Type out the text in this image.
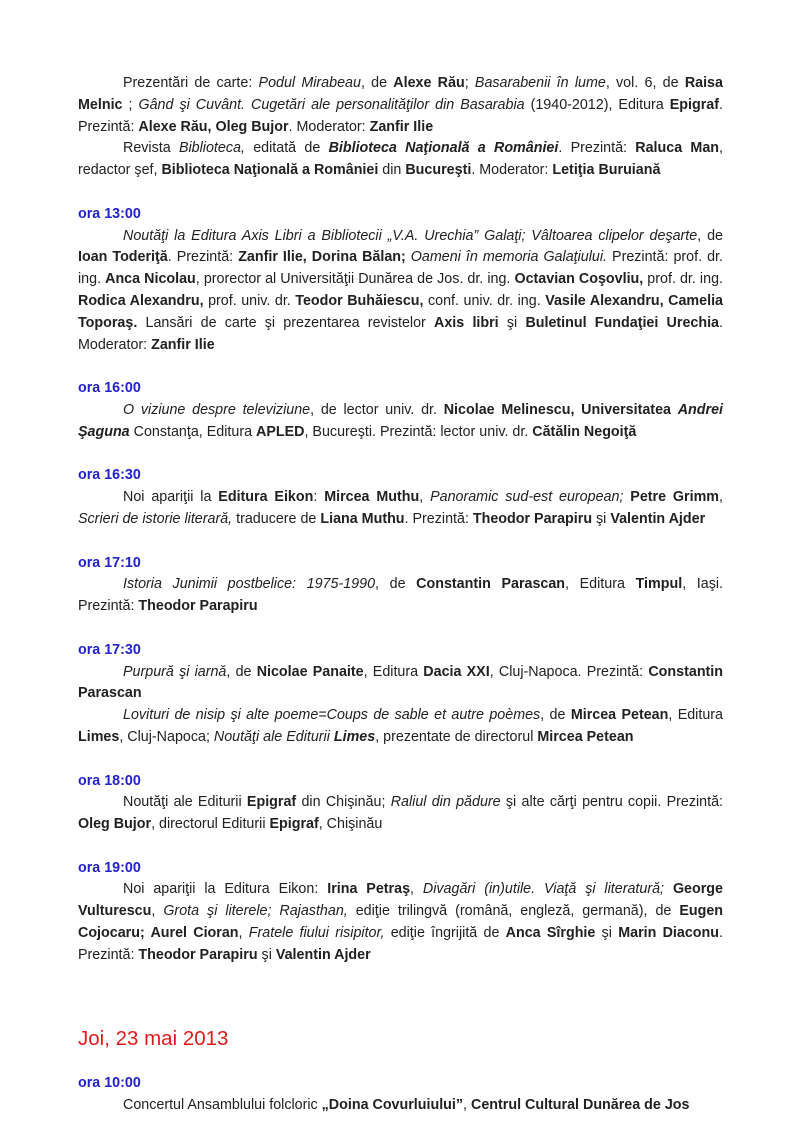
Prezentări de carte: Podul Mirabeau, de Alexe Rău; Basarabenii în lume, vol. 6, de Raisa Melnic ; Gând şi Cuvânt. Cugetări ale personalităţilor din Basarabia (1940-2012), Editura Epigraf. Prezintă: Alexe Rău, Oleg Bujor. Moderator: Zanfir Ilie

Revista Biblioteca, editată de Biblioteca Naţională a României. Prezintă: Raluca Man, redactor şef, Biblioteca Naţională a României din Bucureşti. Moderator: Letiţia Buruiană

ora 13:00

Noutăţi la Editura Axis Libri a Bibliotecii „V.A. Urechia” Galaţi; Vâltoarea clipelor deşarte, de Ioan Toderiţă. Prezintă: Zanfir Ilie, Dorina Bălan; Oameni în memoria Galaţiului. Prezintă: prof. dr. ing. Anca Nicolau, prorector al Universităţii Dunărea de Jos. dr. ing. Octavian Coşovliu, prof. dr. ing. Rodica Alexandru, prof. univ. dr. Teodor Buhăiescu, conf. univ. dr. ing. Vasile Alexandru, Camelia Toporaş. Lansări de carte şi prezentarea revistelor Axis libri şi Buletinul Fundaţiei Urechia. Moderator: Zanfir Ilie

ora 16:00

O viziune despre televiziune, de lector univ. dr. Nicolae Melinescu, Universitatea Andrei Şaguna Constanţa, Editura APLED, Bucureşti. Prezintă: lector univ. dr. Cătălin Negoiţă

ora 16:30

Noi apariţii la Editura Eikon: Mircea Muthu, Panoramic sud-est european; Petre Grimm, Scrieri de istorie literară, traducere de Liana Muthu. Prezintă: Theodor Parapiru şi Valentin Ajder

ora 17:10

Istoria Junimii postbelice: 1975-1990, de Constantin Parascan, Editura Timpul, Iaşi. Prezintă: Theodor Parapiru

ora 17:30

Purpură şi iarnă, de Nicolae Panaite, Editura Dacia XXI, Cluj-Napoca. Prezintă: Constantin Parascan

Lovituri de nisip şi alte poeme=Coups de sable et autre poèmes, de Mircea Petean, Editura Limes, Cluj-Napoca; Noutăţi ale Editurii Limes, prezentate de directorul Mircea Petean

ora 18:00

Noutăţi ale Editurii Epigraf din Chişinău; Raliul din pădure şi alte cărţi pentru copii. Prezintă: Oleg Bujor, directorul Editurii Epigraf, Chişinău

ora 19:00

Noi apariţii la Editura Eikon: Irina Petraş, Divagări (in)utile. Viaţă şi literatură; George Vulturescu, Grota şi literele; Rajasthan, ediţie trilingvă (română, engleză, germană), de Eugen Cojocaru; Aurel Cioran, Fratele fiului risipitor, ediţie îngrijită de Anca Sîrghie şi Marin Diaconu. Prezintă: Theodor Parapiru şi Valentin Ajder

Joi, 23 mai 2013

ora 10:00

Concertul Ansamblului folcloric „Doina Covurluiului”, Centrul Cultural Dunărea de Jos
